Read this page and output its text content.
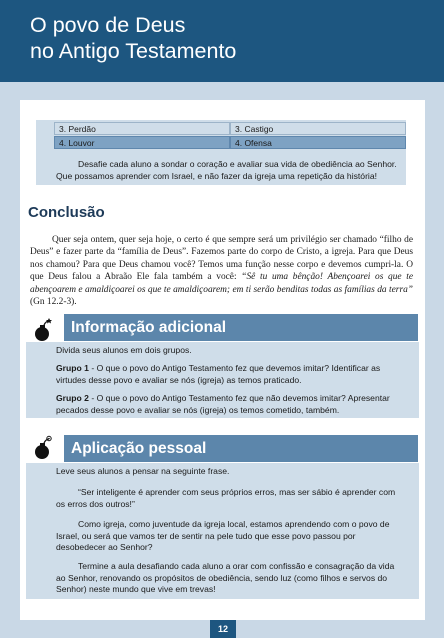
O povo de Deus
no Antigo Testamento
3. Perdão	3. Castigo
4. Louvor	4. Ofensa

Desafie cada aluno a sondar o coração e avaliar sua vida de obediência ao Senhor. Que possamos aprender com Israel, e não fazer da igreja uma repetição da história!

Conclusão

Quer seja ontem, quer seja hoje, o certo é que sempre será um privilégio ser chamado “filho de Deus” e fazer parte da “família de Deus”. Fazemos parte do corpo de Cristo, a igreja. Para que Deus nos chamou? Para que Deus chamou você? Temos uma função nesse corpo e devemos cumpri-la. O que Deus falou a Abraão Ele fala também a você: “Sê tu uma bênção! Abençoarei os que te abençoarem e amaldiçoarei os que te amaldiçoarem; em ti serão benditas todas as famílias da terra” (Gn 12.2-3).

Informação adicional

Divida seus alunos em dois grupos.

Grupo 1 - O que o povo do Antigo Testamento fez que devemos imitar? Identificar as virtudes desse povo e avaliar se nós (igreja) as temos praticado.

Grupo 2 - O que o povo do Antigo Testamento fez que não devemos imitar? Apresentar pecados desse povo e avaliar se nós (igreja) os temos cometido, também.

Aplicação pessoal

Leve seus alunos a pensar na seguinte frase.

“Ser inteligente é aprender com seus próprios erros, mas ser sábio é aprender com os erros dos outros!”

Como igreja, como juventude da igreja local, estamos aprendendo com o povo de Israel, ou será que vamos ter de sentir na pele tudo que esse povo passou por desobedecer ao Senhor?

Termine a aula desafiando cada aluno a orar com confissão e consagração da vida ao Senhor, renovando os propósitos de obediência, sendo luz (como filhos e servos do Senhor) neste mundo que vive em trevas!

12
